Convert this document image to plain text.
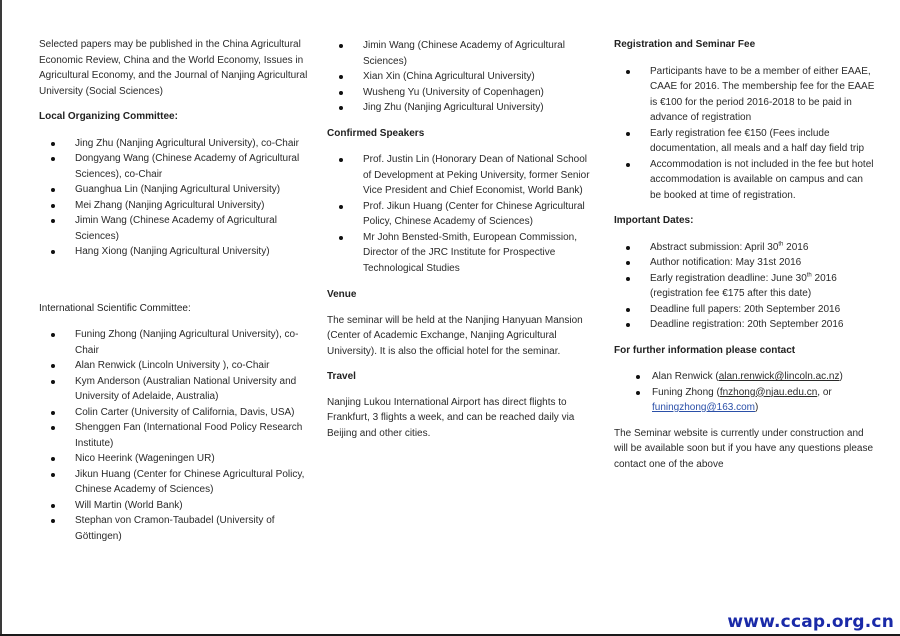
Selected papers may be published in the China Agricultural Economic Review, China and the World Economy, Issues in Agricultural Economy, and the Journal of Nanjing Agricultural University (Social Sciences)

Local Organizing Committee:

Jing Zhu (Nanjing Agricultural University), co-Chair
Dongyang Wang (Chinese Academy of Agricultural Sciences), co-Chair
Guanghua Lin (Nanjing Agricultural University)
Mei Zhang (Nanjing Agricultural University)
Jimin Wang (Chinese Academy of Agricultural Sciences)
Hang Xiong (Nanjing Agricultural University)

International Scientific Committee:

Funing Zhong (Nanjing Agricultural University), co-Chair
Alan Renwick (Lincoln University ), co-Chair
Kym Anderson (Australian National University and University of Adelaide, Australia)
Colin Carter (University of California, Davis, USA)
Shenggen Fan (International Food Policy Research Institute)
Nico Heerink (Wageningen UR)
Jikun Huang (Center for Chinese Agricultural Policy, Chinese Academy of Sciences)
Will Martin (World Bank)
Stephan von Cramon-Taubadel (University of Göttingen)
Jimin Wang (Chinese Academy of Agricultural Sciences)
Xian Xin (China Agricultural University)
Wusheng Yu (University of Copenhagen)
Jing Zhu (Nanjing Agricultural University)

Confirmed Speakers

Prof. Justin Lin (Honorary Dean of National School of Development at Peking University, former Senior Vice President and Chief Economist, World Bank)
Prof. Jikun Huang (Center for Chinese Agricultural Policy, Chinese Academy of Sciences)
Mr John Bensted-Smith, European Commission, Director of the JRC Institute for Prospective Technological Studies

Venue

The seminar will be held at the Nanjing Hanyuan Mansion (Center of Academic Exchange, Nanjing Agricultural University). It is also the official hotel for the seminar.

Travel

Nanjing Lukou International Airport has direct flights to Frankfurt, 3 flights a week, and can be reached daily via Beijing and other cities.

Registration and Seminar Fee

Participants have to be a member of either EAAE, CAAE for 2016. The membership fee for the EAAE is €100 for the period 2016-2018 to be paid in advance of registration
Early registration fee €150 (Fees include documentation, all meals and a half day field trip
Accommodation is not included in the fee but hotel accommodation is available on campus and can be booked at time of registration.

Important Dates:

Abstract submission: April 30th 2016
Author notification: May 31st 2016
Early registration deadline: June 30th 2016 (registration fee €175 after this date)
Deadline full papers: 20th September 2016
Deadline registration: 20th September 2016

For further information please contact

Alan Renwick (alan.renwick@lincoln.ac.nz)
Funing Zhong (fnzhong@njau.edu.cn, or funingzhong@163.com)

The Seminar website is currently under construction and will be available soon but if you have any questions please contact one of the above

www.ccap.org.cn
